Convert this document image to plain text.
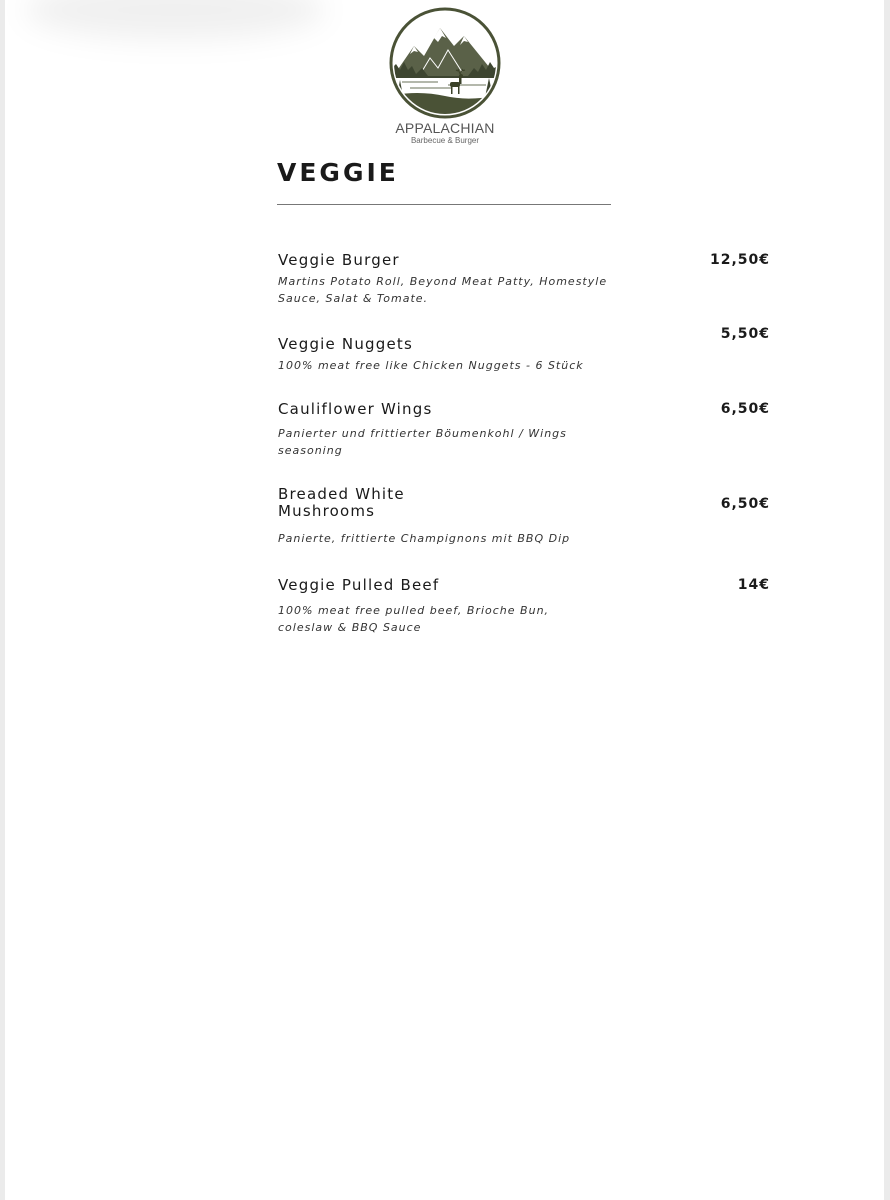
APPALACHIAN
Barbecue & Burger
VEGGIE
Veggie Burger
Martins Potato Roll, Beyond Meat Patty, Homestyle Sauce, Salat & Tomate.
12,50€
Veggie Nuggets
100% meat free like Chicken Nuggets - 6 Stück
5,50€
Cauliflower Wings
Panierter und frittierter Böumenkohl / Wings seasoning
6,50€
Breaded White Mushrooms
Panierte, frittierte Champignons mit BBQ Dip
6,50€
Veggie Pulled Beef
100% meat free pulled beef, Brioche Bun, coleslaw & BBQ Sauce
14€
